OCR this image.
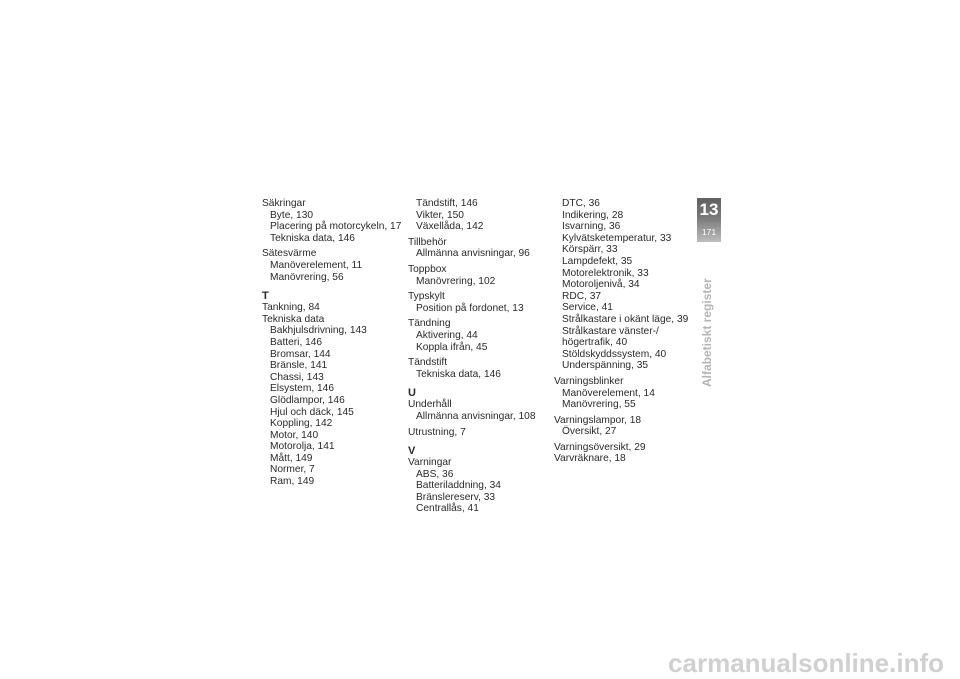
Säkringar
Byte, 130
Placering på motorcykeln, 17
Tekniska data, 146
Sätesvärme
Manöverelement, 11
Manövrering, 56
T
Tankning, 84
Tekniska data
Bakhjulsdrivning, 143
Batteri, 146
Bromsar, 144
Bränsle, 141
Chassi, 143
Elsystem, 146
Glödlampor, 146
Hjul och däck, 145
Koppling, 142
Motor, 140
Motorolja, 141
Mått, 149
Normer, 7
Ram, 149
Tändstift, 146
Vikter, 150
Växellåda, 142
Tillbehör
Allmänna anvisningar, 96
Toppbox
Manövrering, 102
Typskylt
Position på fordonet, 13
Tändning
Aktivering, 44
Koppla ifrån, 45
Tändstift
Tekniska data, 146
U
Underhåll
Allmänna anvisningar, 108
Utrustning, 7
V
Varningar
ABS, 36
Batteriladdning, 34
Bränslereserv, 33
Centrallås, 41
DTC, 36
Indikering, 28
Isvarning, 36
Kylvätsketemperatur, 33
Körspärr, 33
Lampdefekt, 35
Motorelektronik, 33
Motoroljenivå, 34
RDC, 37
Service, 41
Strålkastare i okänt läge, 39
Strålkastare vänster-/
högertrafik, 40
Stöldskyddssystem, 40
Underspänning, 35
Varningsblinker
Manöverelement, 14
Manövrering, 55
Varningslampor, 18
Översikt, 27
Varningsöversikt, 29
Varvräknare, 18
13
171
Alfabetiskt register
carmanualsonline.info
